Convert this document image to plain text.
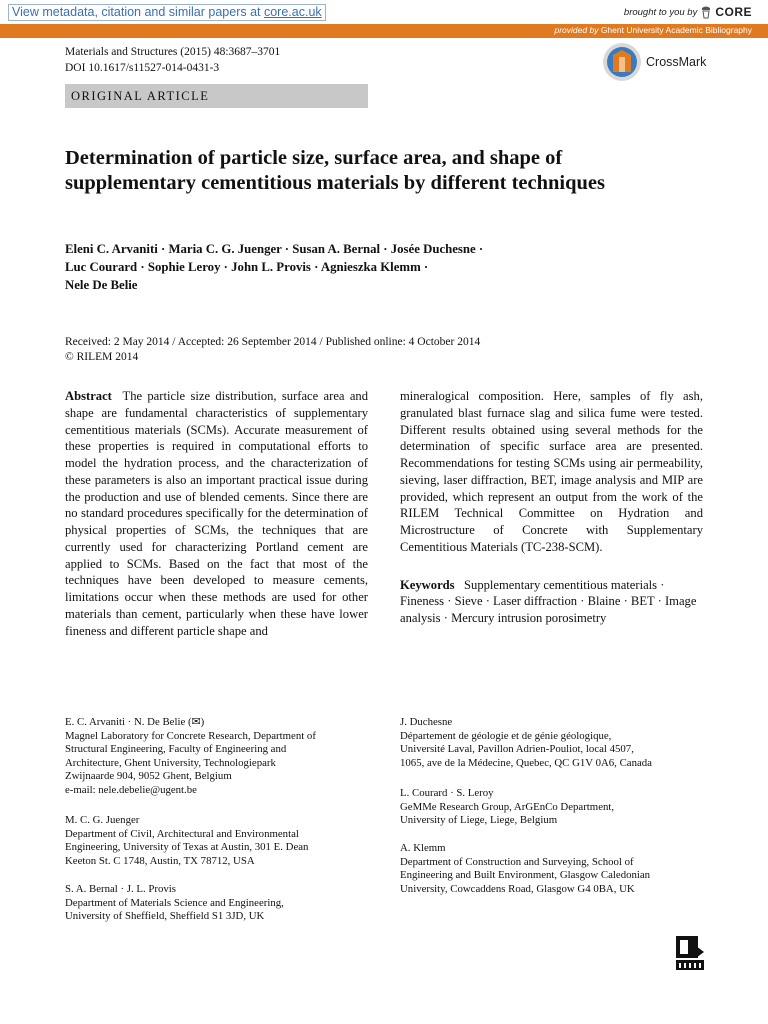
View metadata, citation and similar papers at core.ac.uk	brought to you by CORE
provided by Ghent University Academic Bibliography
Materials and Structures (2015) 48:3687–3701
DOI 10.1617/s11527-014-0431-3	CrossMark
ORIGINAL ARTICLE
Determination of particle size, surface area, and shape of supplementary cementitious materials by different techniques
Eleni C. Arvaniti · Maria C. G. Juenger · Susan A. Bernal · Josée Duchesne ·
Luc Courard · Sophie Leroy · John L. Provis · Agnieszka Klemm ·
Nele De Belie
Received: 2 May 2014 / Accepted: 26 September 2014 / Published online: 4 October 2014
© RILEM 2014
Abstract The particle size distribution, surface area and shape are fundamental characteristics of supplementary cementitious materials (SCMs). Accurate measurement of these properties is required in computational efforts to model the hydration process, and the characterization of these parameters is also an important practical issue during the production and use of blended cements. Since there are no standard procedures specifically for the determination of physical properties of SCMs, the techniques that are currently used for characterizing Portland cement are applied to SCMs. Based on the fact that most of the techniques have been developed to measure cements, limitations occur when these methods are used for other materials than cement, particularly when these have lower fineness and different particle shape and
mineralogical composition. Here, samples of fly ash, granulated blast furnace slag and silica fume were tested. Different results obtained using several methods for the determination of specific surface area are presented. Recommendations for testing SCMs using air permeability, sieving, laser diffraction, BET, image analysis and MIP are provided, which represent an output from the work of the RILEM Technical Committee on Hydration and Microstructure of Concrete with Supplementary Cementitious Materials (TC-238-SCM).
Keywords Supplementary cementitious materials · Fineness · Sieve · Laser diffraction · Blaine · BET · Image analysis · Mercury intrusion porosimetry
E. C. Arvaniti · N. De Belie (✉)
Magnel Laboratory for Concrete Research, Department of
Structural Engineering, Faculty of Engineering and
Architecture, Ghent University, Technologiepark
Zwijnaarde 904, 9052 Ghent, Belgium
e-mail: nele.debelie@ugent.be
M. C. G. Juenger
Department of Civil, Architectural and Environmental
Engineering, University of Texas at Austin, 301 E. Dean
Keeton St. C 1748, Austin, TX 78712, USA
S. A. Bernal · J. L. Provis
Department of Materials Science and Engineering,
University of Sheffield, Sheffield S1 3JD, UK
J. Duchesne
Département de géologie et de génie géologique,
Université Laval, Pavillon Adrien-Pouliot, local 4507,
1065, ave de la Médecine, Quebec, QC G1V 0A6, Canada
L. Courard · S. Leroy
GeMMe Research Group, ArGEnCo Department,
University of Liege, Liege, Belgium
A. Klemm
Department of Construction and Surveying, School of
Engineering and Built Environment, Glasgow Caledonian
University, Cowcaddens Road, Glasgow G4 0BA, UK
